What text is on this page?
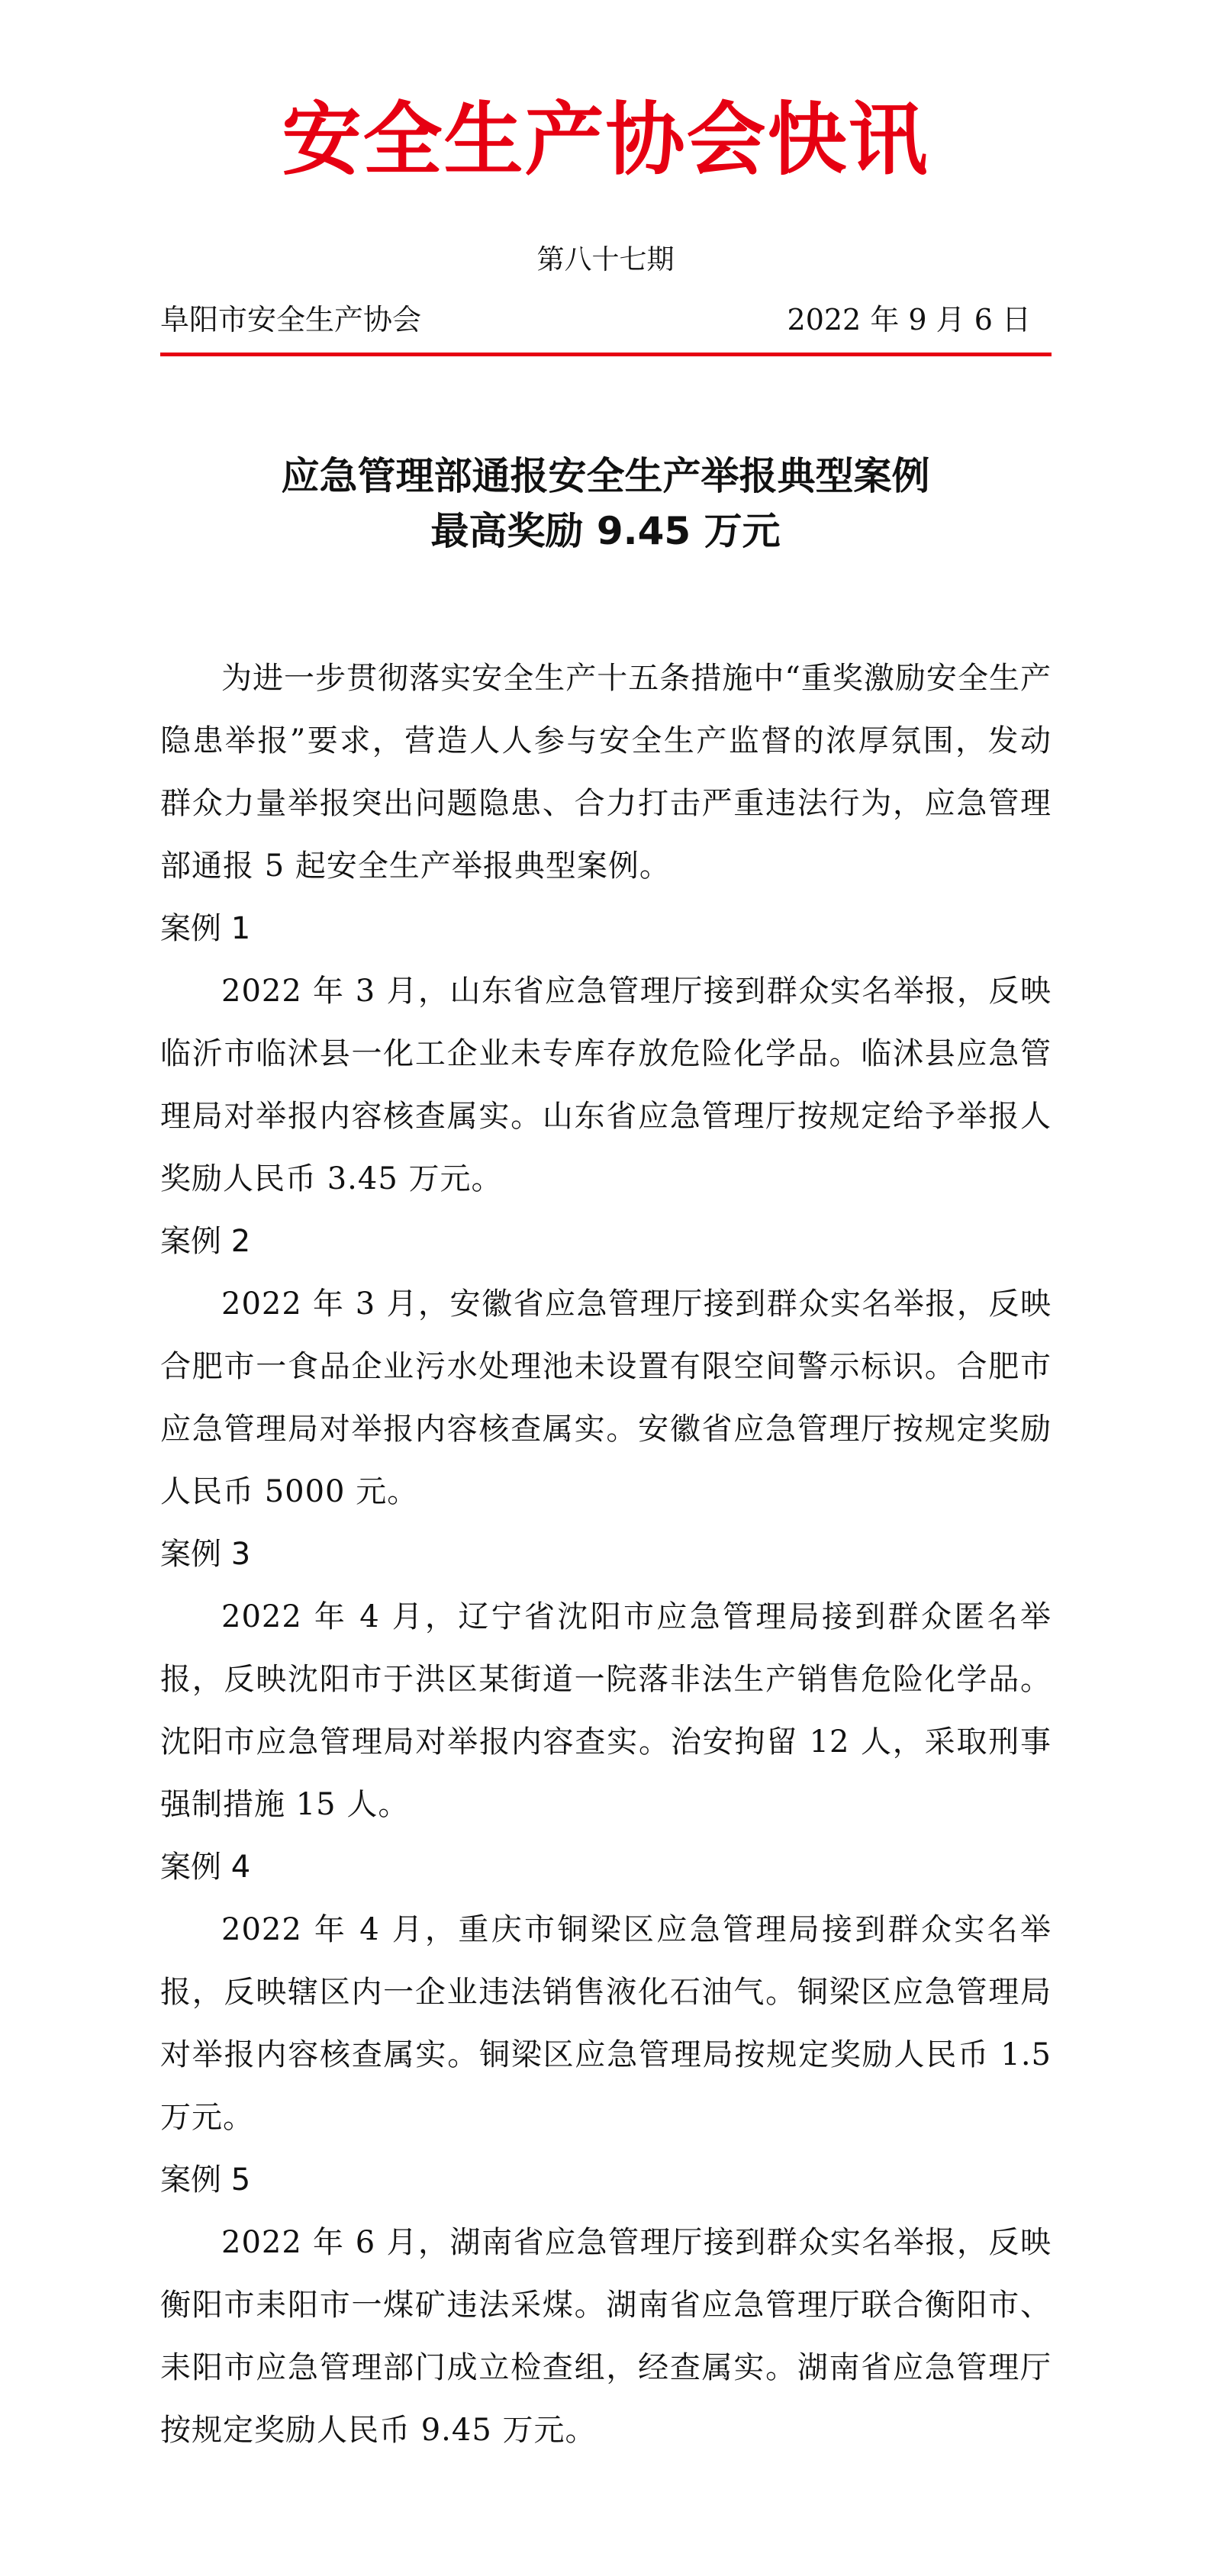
安全生产协会快讯
第八十七期
阜阳市安全生产协会	2022 年 9 月 6 日
应急管理部通报安全生产举报典型案例
最高奖励 9.45 万元

为进一步贯彻落实安全生产十五条措施中“重奖激励安全生产隐患举报”要求，营造人人参与安全生产监督的浓厚氛围，发动群众力量举报突出问题隐患、合力打击严重违法行为，应急管理部通报 5 起安全生产举报典型案例。

案例 1

2022 年 3 月，山东省应急管理厅接到群众实名举报，反映临沂市临沭县一化工企业未专库存放危险化学品。临沭县应急管理局对举报内容核查属实。山东省应急管理厅按规定给予举报人奖励人民币 3.45 万元。

案例 2

2022 年 3 月，安徽省应急管理厅接到群众实名举报，反映合肥市一食品企业污水处理池未设置有限空间警示标识。合肥市应急管理局对举报内容核查属实。安徽省应急管理厅按规定奖励人民币 5000 元。

案例 3

2022 年 4 月，辽宁省沈阳市应急管理局接到群众匿名举报，反映沈阳市于洪区某街道一院落非法生产销售危险化学品。沈阳市应急管理局对举报内容查实。治安拘留 12 人，采取刑事强制措施 15 人。

案例 4

2022 年 4 月，重庆市铜梁区应急管理局接到群众实名举报，反映辖区内一企业违法销售液化石油气。铜梁区应急管理局对举报内容核查属实。铜梁区应急管理局按规定奖励人民币 1.5 万元。

案例 5

2022 年 6 月，湖南省应急管理厅接到群众实名举报，反映衡阳市耒阳市一煤矿违法采煤。湖南省应急管理厅联合衡阳市、耒阳市应急管理部门成立检查组，经查属实。湖南省应急管理厅按规定奖励人民币 9.45 万元。
